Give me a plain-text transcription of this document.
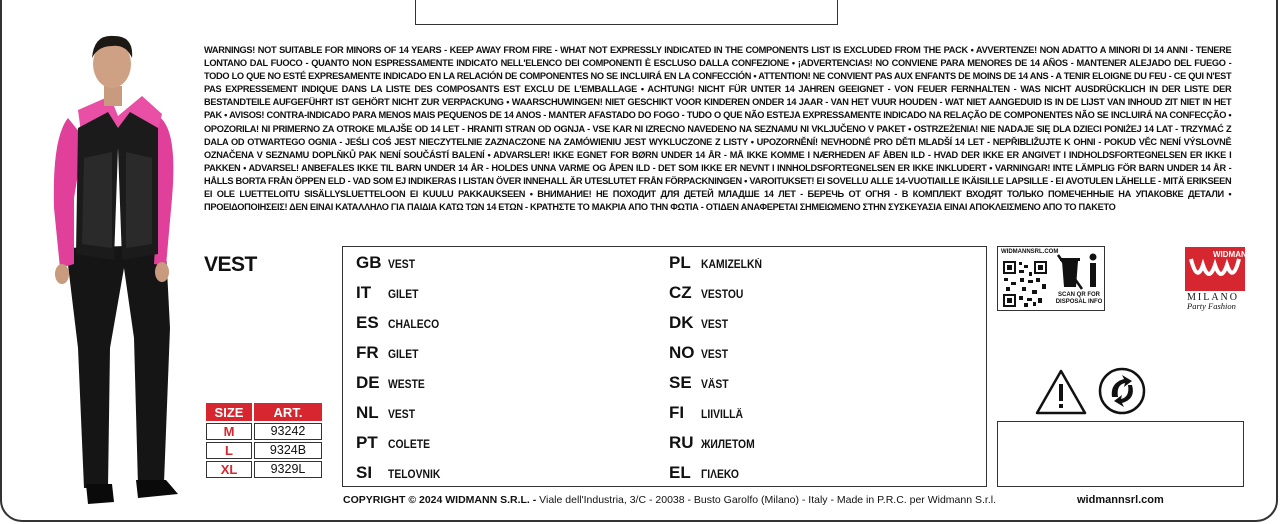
WARNINGS! NOT SUITABLE FOR MINORS OF 14 YEARS - KEEP AWAY FROM FIRE - WHAT NOT EXPRESSLY INDICATED IN THE COMPONENTS LIST IS EXCLUDED FROM THE PACK • AVVERTENZE! NON ADATTO A MINORI DI 14 ANNI - TENERE LONTANO DAL FUOCO - QUANTO NON ESPRESSAMENTE INDICATO NELL'ELENCO DEI COMPONENTI È ESCLUSO DALLA CONFEZIONE • ¡ADVERTENCIAS! NO CONVIENE PARA MENORES DE 14 AÑOS - MANTENER ALEJADO DEL FUEGO - TODO LO QUE NO ESTÉ EXPRESAMENTE INDICADO EN LA RELACIÓN DE COMPONENTES NO SE INCLUIRÁ EN LA CONFECCIÓN • ATTENTION! NE CONVIENT PAS AUX ENFANTS DE MOINS DE 14 ANS - A TENIR ELOIGNE DU FEU - CE QUI N'EST PAS EXPRESSEMENT INDIQUE DANS LA LISTE DES COMPOSANTS EST EXCLU DE L'EMBALLAGE • ACHTUNG! NICHT FÜR UNTER 14 JAHREN GEEIGNET - VON FEUER FERNHALTEN - WAS NICHT AUSDRÜCKLICH IN DER LISTE DER BESTANDTEILE AUFGEFÜHRT IST GEHÖRT NICHT ZUR VERPACKUNG • WAARSCHUWINGEN! NIET GESCHIKT VOOR KINDEREN ONDER 14 JAAR - VAN HET VUUR HOUDEN - WAT NIET AANGEDUID IS IN DE LIJST VAN INHOUD ZIT NIET IN HET PAK • AVISOS! CONTRA-INDICADO PARA MENOS MAIS PEQUENOS DE 14 ANOS - MANTER AFASTADO DO FOGO - TUDO O QUE NÃO ESTEJA EXPRESSAMENTE INDICADO NA RELAÇÃO DE COMPONENTES NÃO SE INCLUIRÁ NA CONFECÇÃO • OPOZORILA! NI PRIMERNO ZA OTROKE MLAJŠE OD 14 LET - HRANITI STRAN OD OGNJA - VSE KAR NI IZRECNO NAVEDENO NA SEZNAMU NI VKLJUČENO V PAKET • OSTRZEŻENIA! NIE NADAJE SIĘ DLA DZIECI PONIŻEJ 14 LAT - TRZYMAĆ Z DALA OD OTWARTEGO OGNIA - JEŚLI COŚ JEST NIECZYTELNIE ZAZNACZONE NA ZAMÓWIENIU JEST WYKLUCZONE Z LISTY • UPOZORNĚNÍ! NEVHODNÉ PRO DĚTI MLADŠÍ 14 LET - NEPŘIBLIŽUJTE K OHNI - POKUD VĚC NENÍ VÝSLOVNĚ OZNAČENA V SEZNAMU DOPLŇKŮ PAK NENÍ SOUČÁSTÍ BALENÍ • ADVARSLER! IKKE EGNET FOR BØRN UNDER 14 ÅR - MÅ IKKE KOMME I NÆRHEDEN AF ÅBEN ILD - HVAD DER IKKE ER ANGIVET I INDHOLDSFORTEGNELSEN ER IKKE I PAKKEN • ADVARSEL! ANBEFALES IKKE TIL BARN UNDER 14 ÅR - HOLDES UNNA VARME OG ÅPEN ILD - DET SOM IKKE ER NEVNT I INNHOLDSFORTEGNELSEN ER IKKE INKLUDERT • VARNINGAR! INTE LÄMPLIG FÖR BARN UNDER 14 ÅR - HÅLLS BORTA FRÅN ÖPPEN ELD - VAD SOM EJ INDIKERAS I LISTAN ÖVER INNEHALL ÄR UTESLUTET FRÅN FÖRPACKNINGEN • VAROITUKSET! EI SOVELLU ALLE 14-VUOTIAILLE IKÄISILLE LAPSILLE - EI AVOTULEN LÄHELLE - MITÄ ERIKSEEN EI OLE LUETTELOITU SISÄLLYSLUETTELOON EI KUULU PAKKAUKSEEN • ВНИМАНИЕ! НЕ ПОХОДИТ ДЛЯ ДЕТЕЙ МЛАДШЕ 14 ЛЕТ - БЕРЕЧЬ ОТ ОГНЯ - В КОМПЛЕКТ ВХОДЯТ ТОЛЬКО ПОМЕЧЕННЫЕ НА УПАКОВКЕ ДЕТАЛИ • ΠΡΟΕΙΔΟΠΟΙΗΣΕΙΣ! ΔΕΝ ΕΙΝΑΙ ΚΑΤΑΛΛΗΛΟ ΓΙΑ ΠΑΙΔΙΑ ΚΑΤΩ ΤΩΝ 14 ΕΤΩΝ - ΚΡΑΤΗΣΤΕ ΤΟ ΜΑΚΡΙΑ ΑΠΟ ΤΗΝ ΦΩΤΙΑ - ΟΤΙΔΕΝ ΑΝΑΦΕΡΕΤΑΙ ΣΗΜΕΙΩΜΕΝΟ ΣΤΗΝ ΣΥΣΚΕΥΑΣΙΑ ΕΙΝΑΙ ΑΠΟΚΛΕΙΣΜΕΝΟ ΑΠΟ ΤΟ ΠΑΚΕΤΟ
VEST
SIZE	ART.
M	93242
L	9324B
XL	9329L
GB VEST
IT	GILET
ES CHALECO
FR GILET
DE WESTE
NL VEST
PT COLETE
SI	TELOVNIK
PL KAMIZELKŃ
CZ VESTOU
DK VEST
NO VEST
SE VÄST
FI	LIIVILLÄ
RU ЖИЛЕТОМ
EL ΓΙΛΕΚΟ
COPYRIGHT © 2024 WIDMANN S.R.L. - Viale dell'Industria, 3/C - 20038 - Busto Garolfo (Milano) - Italy - Made in P.R.C. per Widmann S.r.l.	widmannsrl.com
WIDMANNSRL.COM
SCAN QR FOR DISPOSAL INFO
WIDMANN
MILANO
Party Fashion
